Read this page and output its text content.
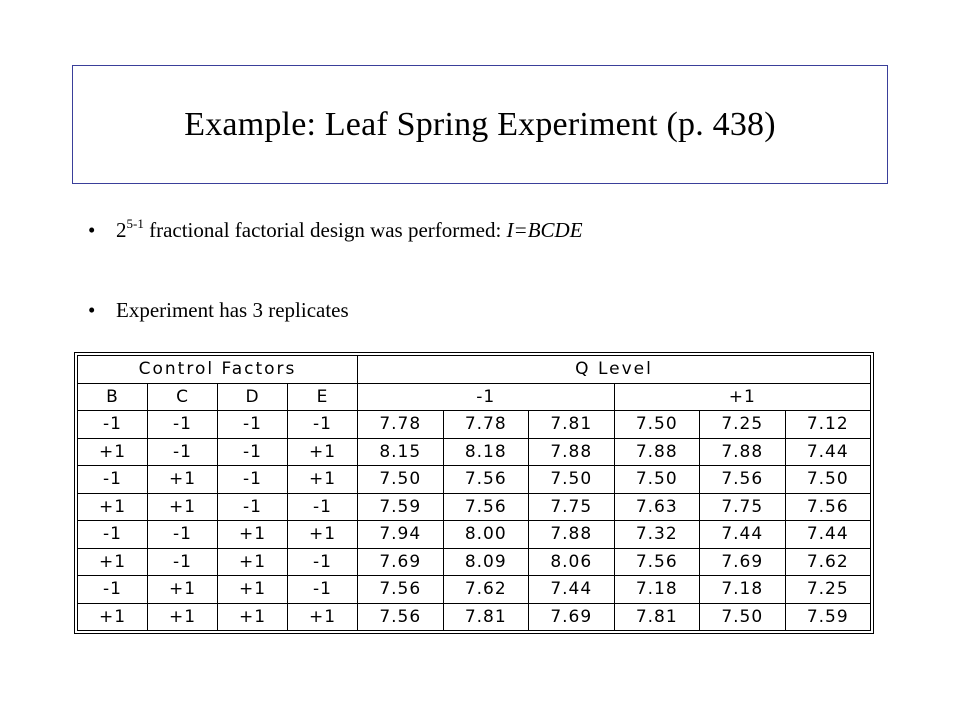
Example: Leaf Spring Experiment (p. 438)
• 2$^{5-1}$ fractional factorial design was performed: I=BCDE
• Experiment has 3 replicates
Control Factors				Q Level					
B	C	D	E	-1			+1		
-1	-1	-1	-1	7.78	7.78	7.81	7.50	7.25	7.12
+1	-1	-1	+1	8.15	8.18	7.88	7.88	7.88	7.44
-1	+1	-1	+1	7.50	7.56	7.50	7.50	7.56	7.50
+1	+1	-1	-1	7.59	7.56	7.75	7.63	7.75	7.56
-1	-1	+1	+1	7.94	8.00	7.88	7.32	7.44	7.44
+1	-1	+1	-1	7.69	8.09	8.06	7.56	7.69	7.62
-1	+1	+1	-1	7.56	7.62	7.44	7.18	7.18	7.25
+1	+1	+1	+1	7.56	7.81	7.69	7.81	7.50	7.59
